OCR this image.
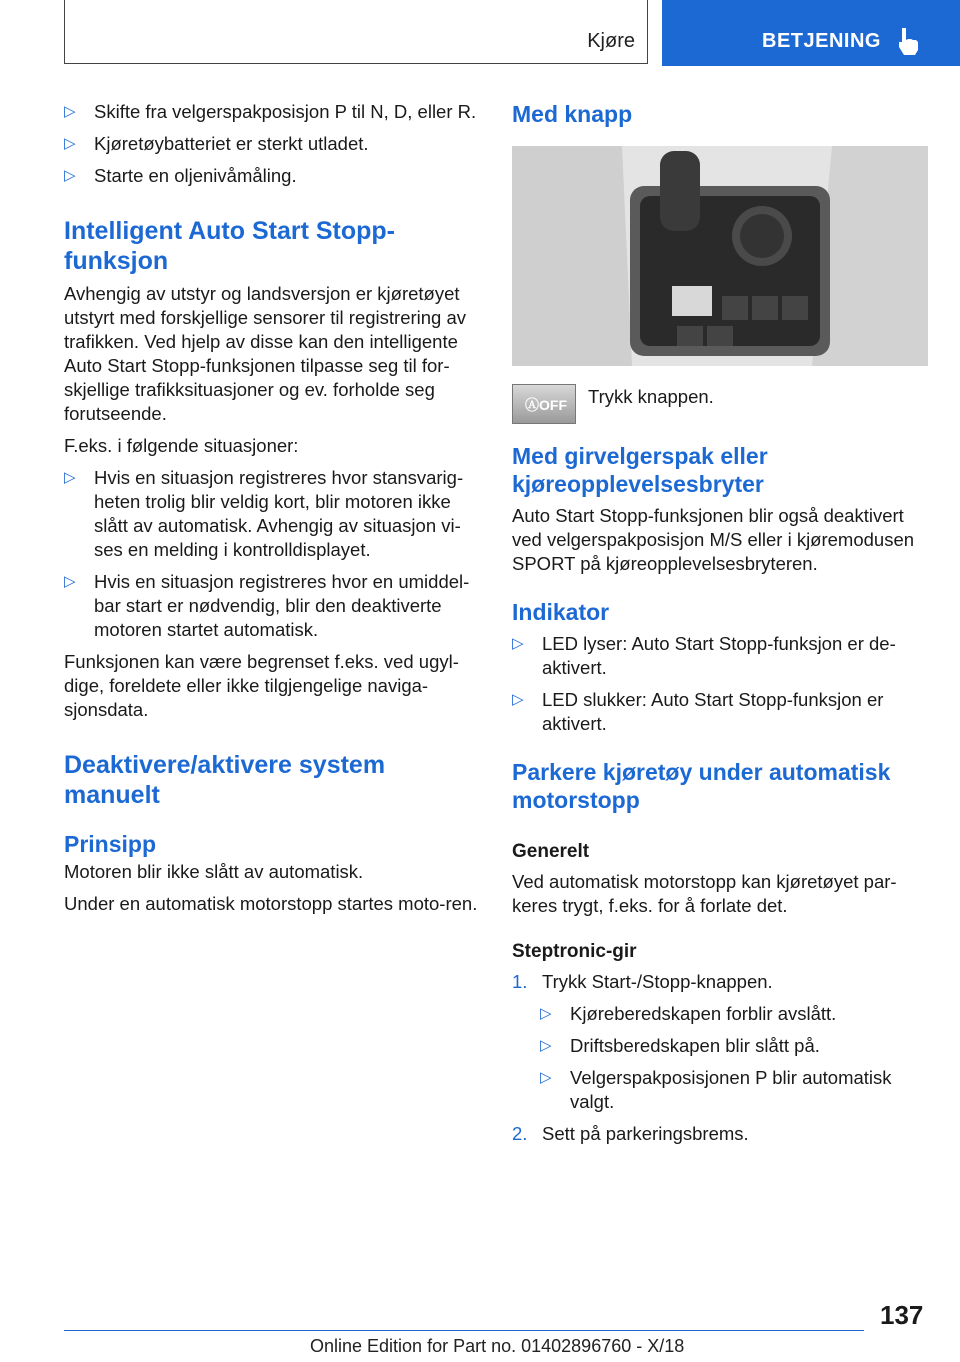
Kjøre	BETJENING
▷ Skifte fra velgerspakposisjon P til N, D, eller R.
▷ Kjøretøybatteriet er sterkt utladet.
▷ Starte en oljenivåmåling.
Intelligent Auto Start Stopp-funksjon

Avhengig av utstyr og landsversjon er kjøretøyet utstyrt med forskjellige sensorer til registrering av trafikken. Ved hjelp av disse kan den intelligente Auto Start Stopp-funksjonen tilpasse seg til for-skjellige trafikksituasjoner og ev. forholde seg forutseende.

F.eks. i følgende situasjoner:

▷ Hvis en situasjon registreres hvor stansvarig-heten trolig blir veldig kort, blir motoren ikke slått av automatisk. Avhengig av situasjon vi-ses en melding i kontrolldisplayet.
▷ Hvis en situasjon registreres hvor en umiddel-bar start er nødvendig, blir den deaktiverte motoren startet automatisk.

Funksjonen kan være begrenset f.eks. ved ugyl-dige, foreldete eller ikke tilgjengelige naviga-sjonsdata.

Deaktivere/aktivere system manuelt
Prinsipp

Motoren blir ikke slått av automatisk.

Under en automatisk motorstopp startes moto-ren.

Med knapp
ⒶOFF Trykk knappen.
Med girvelgerspak eller kjøreopplevelsesbryter

Auto Start Stopp-funksjonen blir også deaktivert ved velgerspakposisjon M/S eller i kjøremodusen SPORT på kjøreopplevelsesbryteren.

Indikator
▷ LED lyser: Auto Start Stopp-funksjon er de-aktivert.
▷ LED slukker: Auto Start Stopp-funksjon er aktivert.
Parkere kjøretøy under automatisk motorstopp
Generelt

Ved automatisk motorstopp kan kjøretøyet par-keres trygt, f.eks. for å forlate det.

Steptronic-gir
1. Trykk Start-/Stopp-knappen.
▷ Kjøreberedskapen forblir avslått.
▷ Driftsberedskapen blir slått på.
▷ Velgerspakposisjonen P blir automatisk valgt.
2. Sett på parkeringsbrems.
137
Online Edition for Part no. 01402896760 - X/18
